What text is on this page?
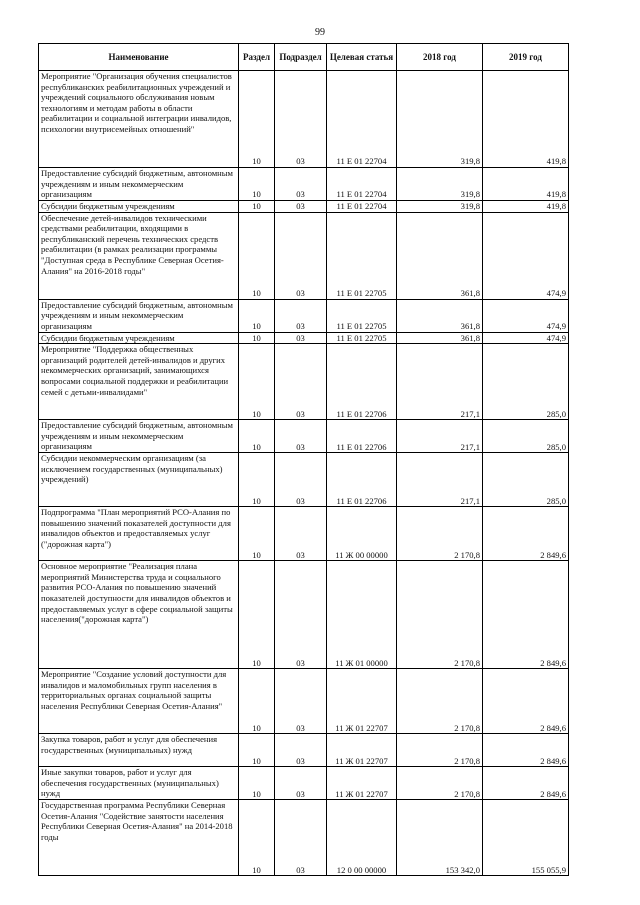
99
Наименование	Раздел	Подраздел	Целевая статья	2018 год	2019 год
Мероприятие "Организация обучения специалистов республиканских реабилитационных учреждений и учреждений социального обслуживания новым технологиям и методам работы в области реабилитации и социальной интеграции инвалидов, психологии внутрисемейных отношений"	10	03	11 Е 01 22704	319,8	419,8
Предоставление субсидий бюджетным, автономным учреждениям и иным некоммерческим организациям	10	03	11 Е 01 22704	319,8	419,8
Субсидии бюджетным учреждениям	10	03	11 Е 01 22704	319,8	419,8
Обеспечение детей-инвалидов техническими средствами реабилитации, входящими в республиканский перечень технических средств реабилитации (в рамках реализации программы "Доступная среда в Республике Северная Осетия-Алания" на 2016-2018 годы"	10	03	11 Е 01 22705	361,8	474,9
Предоставление субсидий бюджетным, автономным учреждениям и иным некоммерческим организациям	10	03	11 Е 01 22705	361,8	474,9
Субсидии бюджетным учреждениям	10	03	11 Е 01 22705	361,8	474,9
Мероприятие "Поддержка общественных организаций родителей детей-инвалидов и других некоммерческих организаций, занимающихся вопросами социальной поддержки и реабилитации семей с детьми-инвалидами"	10	03	11 Е 01 22706	217,1	285,0
Предоставление субсидий бюджетным, автономным учреждениям и иным некоммерческим организациям	10	03	11 Е 01 22706	217,1	285,0
Субсидии некоммерческим организациям (за исключением государственных (муниципальных) учреждений)	10	03	11 Е 01 22706	217,1	285,0
Подпрограмма "План мероприятий РСО-Алания по повышению значений показателей доступности для инвалидов объектов и предоставляемых услуг ("дорожная карта")	10	03	11 Ж 00 00000	2 170,8	2 849,6
Основное мероприятие "Реализация плана мероприятий Министерства труда и социального развития РСО-Алания по повышению значений показателей доступности для инвалидов объектов и предоставляемых услуг в сфере социальной защиты населения("дорожная карта")	10	03	11 Ж 01 00000	2 170,8	2 849,6
Мероприятие "Создание условий доступности для инвалидов и маломобильных групп населения в территориальных органах социальной защиты населения Республики Северная Осетия-Алания"	10	03	11 Ж 01 22707	2 170,8	2 849,6
Закупка товаров, работ и услуг для обеспечения государственных (муниципальных) нужд	10	03	11 Ж 01 22707	2 170,8	2 849,6
Иные закупки товаров, работ и услуг для обеспечения государственных (муниципальных) нужд	10	03	11 Ж 01 22707	2 170,8	2 849,6
Государственная программа Республики Северная Осетия-Алания "Содействие занятости населения Республики Северная Осетия-Алания" на 2014-2018 годы	10	03	12 0 00 00000	153 342,0	155 055,9
